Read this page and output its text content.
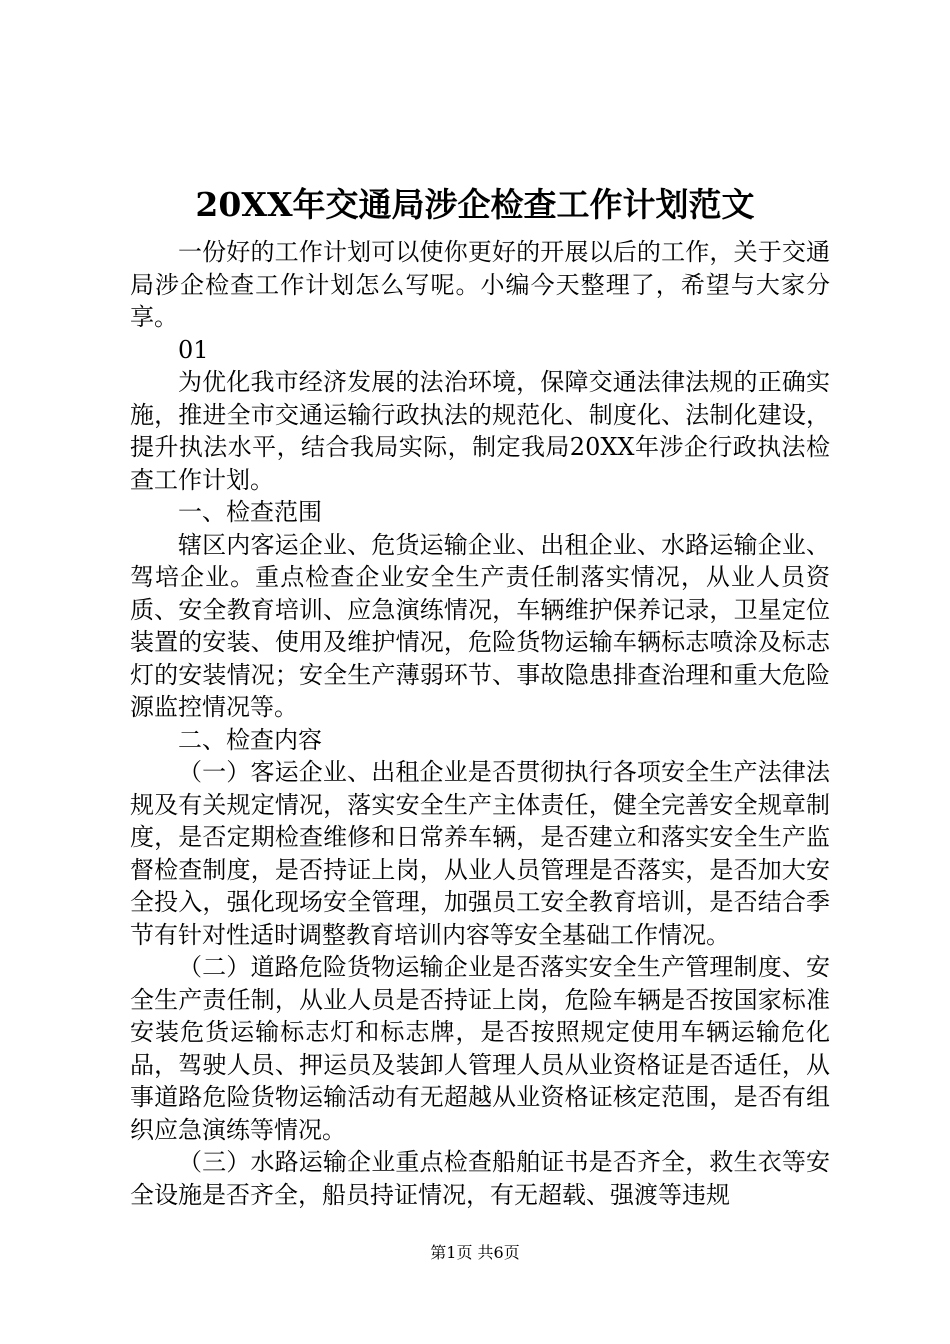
20XX年交通局涉企检查工作计划范文

一份好的工作计划可以使你更好的开展以后的工作，关于交通局涉企检查工作计划怎么写呢。小编今天整理了，希望与大家分享。

01

为优化我市经济发展的法治环境，保障交通法律法规的正确实施，推进全市交通运输行政执法的规范化、制度化、法制化建设，提升执法水平，结合我局实际，制定我局20XX年涉企行政执法检查工作计划。

一、检查范围

辖区内客运企业、危货运输企业、出租企业、水路运输企业、驾培企业。重点检查企业安全生产责任制落实情况，从业人员资质、安全教育培训、应急演练情况，车辆维护保养记录，卫星定位装置的安装、使用及维护情况，危险货物运输车辆标志喷涂及标志灯的安装情况；安全生产薄弱环节、事故隐患排查治理和重大危险源监控情况等。

二、检查内容

（一）客运企业、出租企业是否贯彻执行各项安全生产法律法规及有关规定情况，落实安全生产主体责任，健全完善安全规章制度，是否定期检查维修和日常养车辆，是否建立和落实安全生产监督检查制度，是否持证上岗，从业人员管理是否落实，是否加大安全投入，强化现场安全管理，加强员工安全教育培训，是否结合季节有针对性适时调整教育培训内容等安全基础工作情况。

（二）道路危险货物运输企业是否落实安全生产管理制度、安全生产责任制，从业人员是否持证上岗，危险车辆是否按国家标准安装危货运输标志灯和标志牌，是否按照规定使用车辆运输危化品，驾驶人员、押运员及装卸人管理人员从业资格证是否适任，从事道路危险货物运输活动有无超越从业资格证核定范围，是否有组织应急演练等情况。

（三）水路运输企业重点检查船舶证书是否齐全，救生衣等安全设施是否齐全，船员持证情况，有无超载、强渡等违规

第1页 共6页
